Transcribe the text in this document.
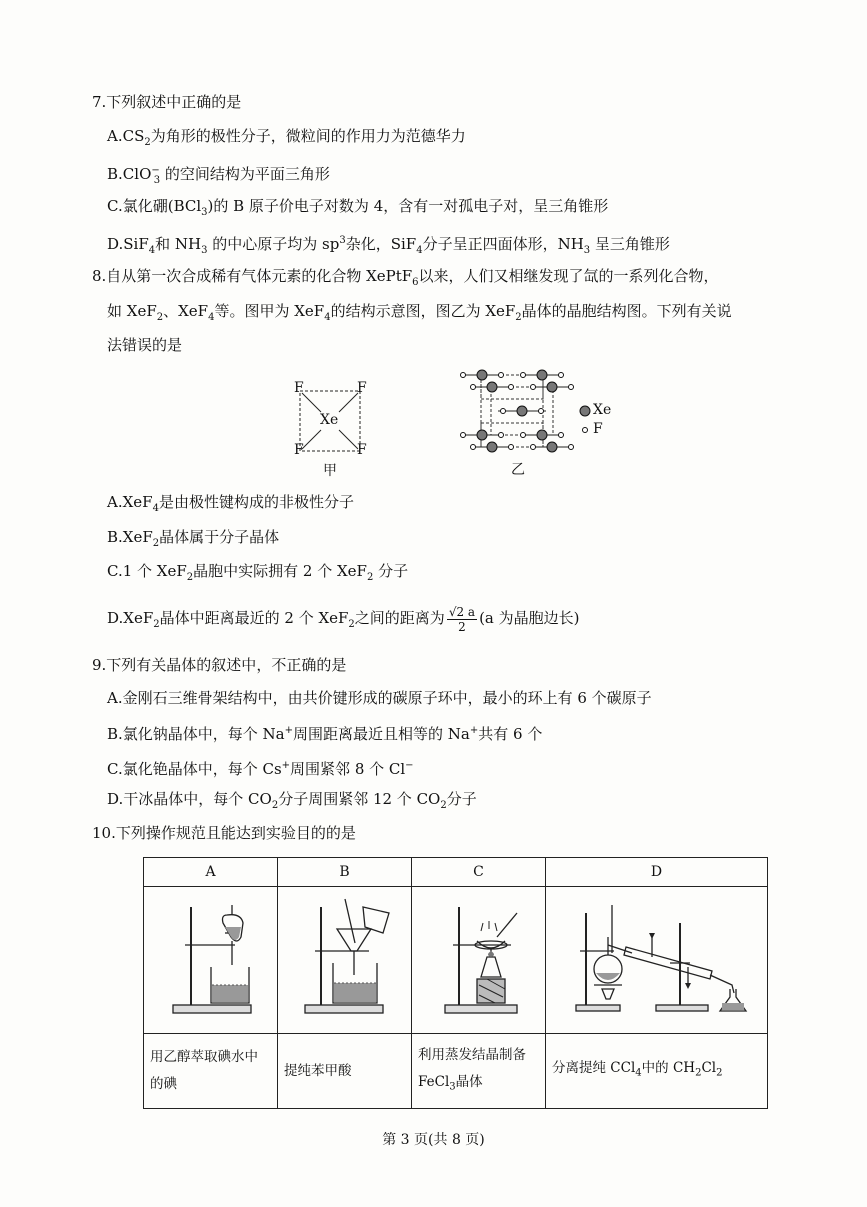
7.下列叙述中正确的是
$A.CS_2$为角形的极性分子，微粒间的作用力为范德华力
B.ClO−$_3$ 的空间结构为平面三角形
C.氯化硼(BCl$_3$)的 B 原子价电子对数为 4，含有一对孤电子对，呈三角锥形
D.SiF$_4$和 $NH_3$ 的中心原子均为 $sp^3$杂化，SiF$_4$分子呈正四面体形，$NH_3$ 呈三角锥形
8.自从第一次合成稀有气体元素的化合物 XePtF$_6$以来，人们又相继发现了氙的一系列化合物，
如 XeF$_2$、XeF$_4$等。图甲为 XeF$_4$的结构示意图，图乙为 XeF$_2$晶体的晶胞结构图。下列有关说
法错误的是
F	F
F	F
Xe
甲
Xe
F
乙
A.XeF$_4$是由极性键构成的非极性分子
B.XeF$_2$晶体属于分子晶体
C.1 个 XeF$_2$晶胞中实际拥有 2 个 XeF$_2$ 分子
D.XeF$_2$晶体中距离最近的 2 个 XeF$_2$之间的距离为 $\frac{√2 a}{2} (a$ 为晶胞边长)
9.下列有关晶体的叙述中，不正确的是
A.金刚石三维骨架结构中，由共价键形成的碳原子环中，最小的环上有 6 个碳原子
B.氯化钠晶体中，每个 Na+周围距离最近且相等的 Na+共有 6 个
C.氯化铯晶体中，每个 Cs+周围紧邻 8 个 Cl−
D.干冰晶体中，每个 $CO_2$分子周围紧邻 12 个 $CO_2$分子
10.下列操作规范且能达到实验目的的是
A	B	C	D

用乙醇萃取碘水中的碘	提纯苯甲酸	利用蒸发结晶制备 FeCl$_3$晶体	分离提纯 CCl$_4$中的 $CH_2Cl_2$
第 3 页(共 8 页)
